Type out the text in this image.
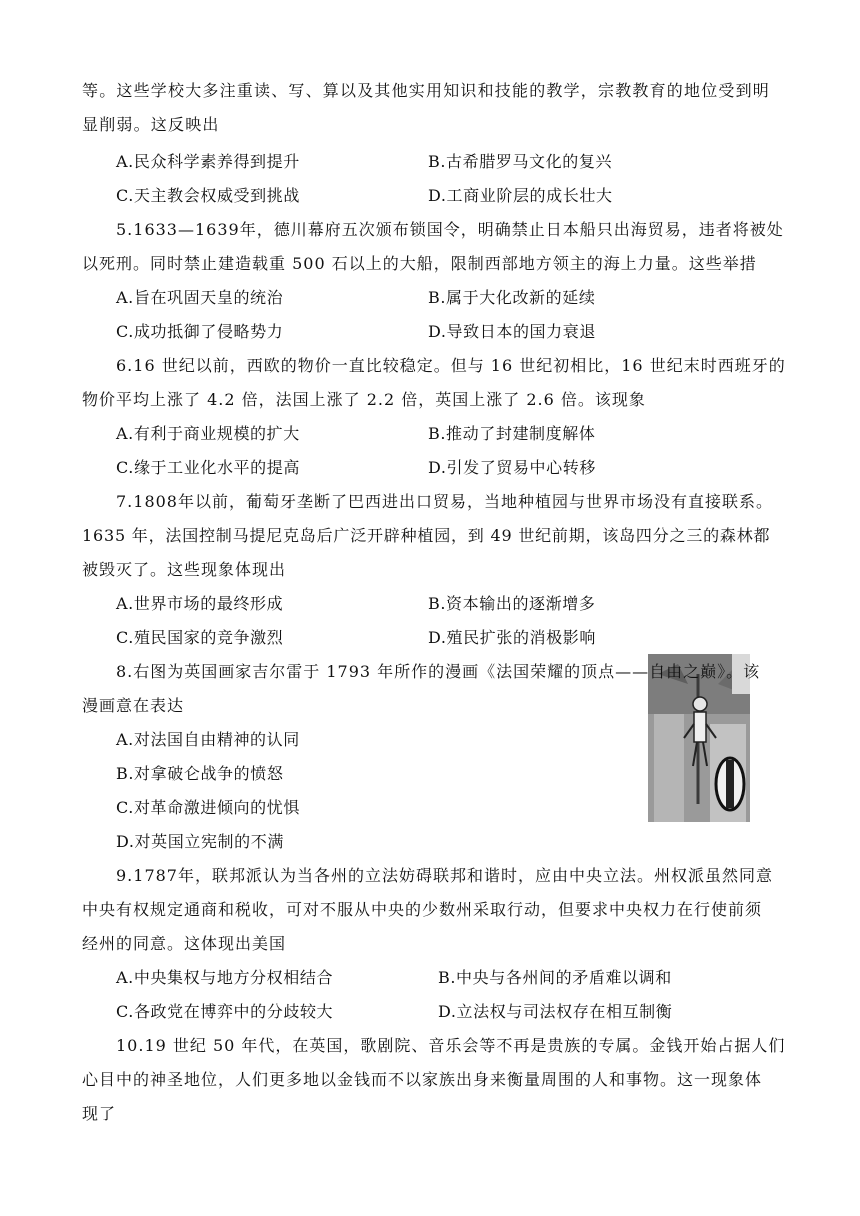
等。这些学校大多注重读、写、算以及其他实用知识和技能的教学，宗教教育的地位受到明
显削弱。这反映出
A.民众科学素养得到提升	B.古希腊罗马文化的复兴
C.天主教会权威受到挑战	D.工商业阶层的成长壮大
5.1633—1639年，德川幕府五次颁布锁国令，明确禁止日本船只出海贸易，违者将被处
以死刑。同时禁止建造载重 500 石以上的大船，限制西部地方领主的海上力量。这些举措
A.旨在巩固天皇的统治	B.属于大化改新的延续
C.成功抵御了侵略势力	D.导致日本的国力衰退
6.16 世纪以前，西欧的物价一直比较稳定。但与 16 世纪初相比，16 世纪末时西班牙的
物价平均上涨了 4.2 倍，法国上涨了 2.2 倍，英国上涨了 2.6 倍。该现象
A.有利于商业规模的扩大	B.推动了封建制度解体
C.缘于工业化水平的提高	D.引发了贸易中心转移
7.1808年以前，葡萄牙垄断了巴西进出口贸易，当地种植园与世界市场没有直接联系。
1635 年，法国控制马提尼克岛后广泛开辟种植园，到 49 世纪前期，该岛四分之三的森林都
被毁灭了。这些现象体现出
A.世界市场的最终形成	B.资本输出的逐渐增多
C.殖民国家的竞争激烈	D.殖民扩张的消极影响
8.右图为英国画家吉尔雷于 1793 年所作的漫画《法国荣耀的顶点——自由之巅》。该
漫画意在表达
A.对法国自由精神的认同
B.对拿破仑战争的愤怒
C.对革命激进倾向的忧惧
D.对英国立宪制的不满
9.1787年，联邦派认为当各州的立法妨碍联邦和谐时，应由中央立法。州权派虽然同意
中央有权规定通商和税收，可对不服从中央的少数州采取行动，但要求中央权力在行使前须
经州的同意。这体现出美国
A.中央集权与地方分权相结合	B.中央与各州间的矛盾难以调和
C.各政党在博弈中的分歧较大	D.立法权与司法权存在相互制衡
10.19 世纪 50 年代，在英国，歌剧院、音乐会等不再是贵族的专属。金钱开始占据人们
心目中的神圣地位，人们更多地以金钱而不以家族出身来衡量周围的人和事物。这一现象体
现了
